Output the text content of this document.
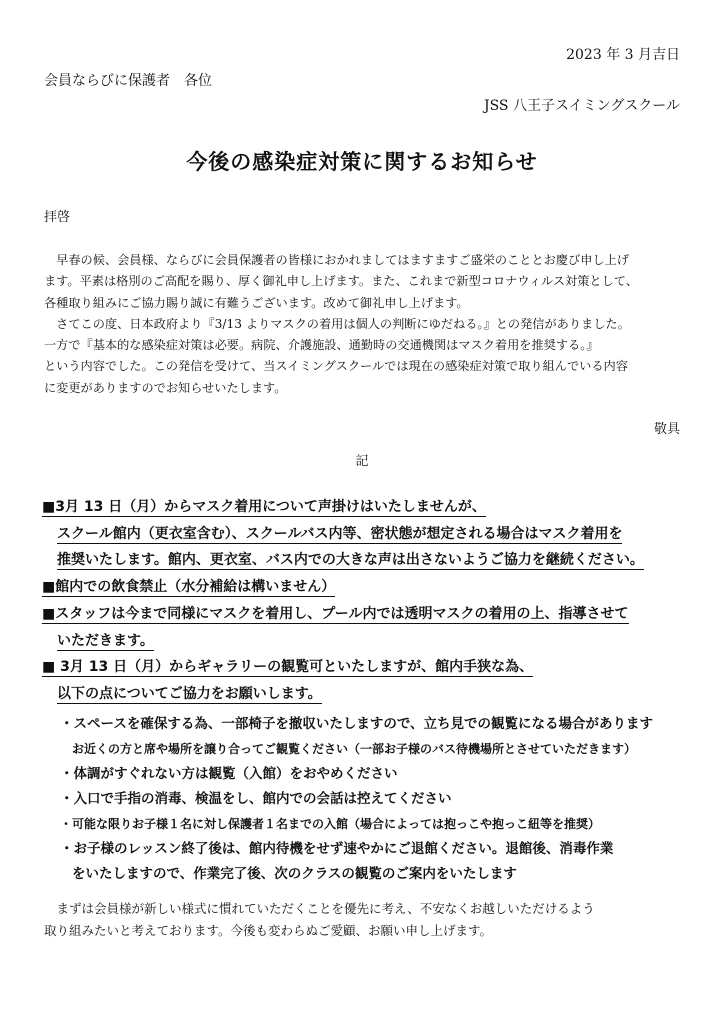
2023 年 3 月吉日

会員ならびに保護者　各位

JSS 八王子スイミングスクール

今後の感染症対策に関するお知らせ

拝啓

　早春の候、会員様、ならびに会員保護者の皆様におかれましてはますますご盛栄のこととお慶び申し上げ

ます。平素は格別のご高配を賜り、厚く御礼申し上げます。また、これまで新型コロナウィルス対策として、

各種取り組みにご協力賜り誠に有難うございます。改めて御礼申し上げます。

　さてこの度、日本政府より『3/13 よりマスクの着用は個人の判断にゆだねる。』との発信がありました。

一方で『基本的な感染症対策は必要。病院、介護施設、通勤時の交通機関はマスク着用を推奨する。』

という内容でした。この発信を受けて、当スイミングスクールでは現在の感染症対策で取り組んでいる内容

に変更がありますのでお知らせいたします。

敬具

記

■3月 13 日（月）からマスク着用について声掛けはいたしませんが、
スクール館内（更衣室含む）、スクールバス内等、密状態が想定される場合はマスク着用を
推奨いたします。館内、更衣室、バス内での大きな声は出さないようご協力を継続ください。
■館内での飲食禁止（水分補給は構いません）
■スタッフは今まで同様にマスクを着用し、プール内では透明マスクの着用の上、指導させて
いただきます。
■ 3月 13 日（月）からギャラリーの観覧可といたしますが、館内手狭な為、
以下の点についてご協力をお願いします。
・スペースを確保する為、一部椅子を撤収いたしますので、立ち見での観覧になる場合があります
お近くの方と席や場所を譲り合ってご観覧ください（一部お子様のバス待機場所とさせていただきます）
・体調がすぐれない方は観覧（入館）をおやめください
・入口で手指の消毒、検温をし、館内での会話は控えてください
・可能な限りお子様１名に対し保護者１名までの入館（場合によっては抱っこや抱っこ紐等を推奨）
・お子様のレッスン終了後は、館内待機をせず速やかにご退館ください。退館後、消毒作業
をいたしますので、作業完了後、次のクラスの観覧のご案内をいたします

　まずは会員様が新しい様式に慣れていただくことを優先に考え、不安なくお越しいただけるよう

取り組みたいと考えております。今後も変わらぬご愛顧、お願い申し上げます。
